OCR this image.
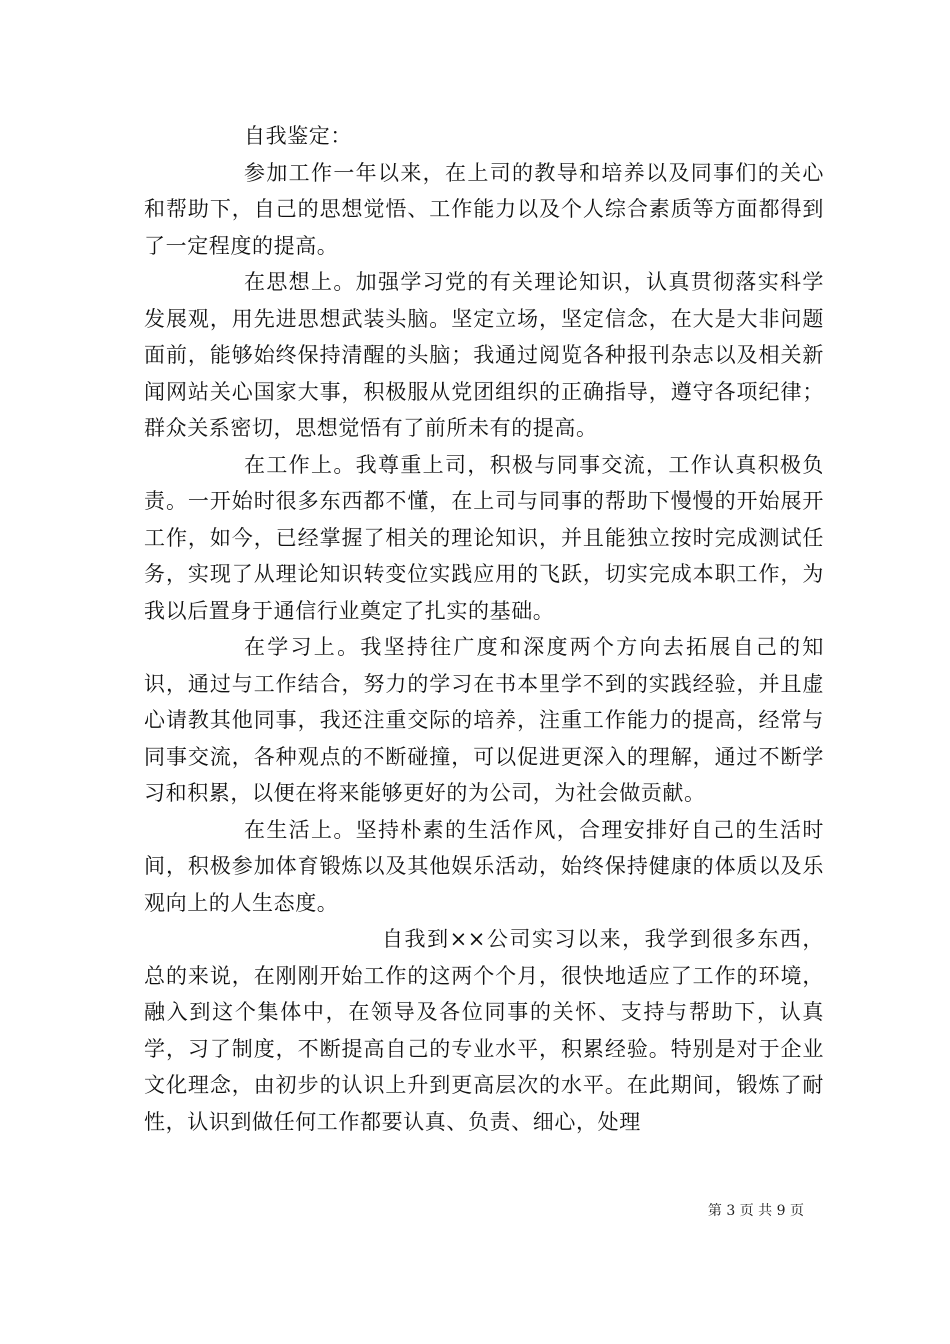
自我鉴定：

参加工作一年以来，在上司的教导和培养以及同事们的关心和帮助下，自己的思想觉悟、工作能力以及个人综合素质等方面都得到了一定程度的提高。

在思想上。加强学习党的有关理论知识，认真贯彻落实科学发展观，用先进思想武装头脑。坚定立场，坚定信念，在大是大非问题面前，能够始终保持清醒的头脑；我通过阅览各种报刊杂志以及相关新闻网站关心国家大事，积极服从党团组织的正确指导，遵守各项纪律；群众关系密切，思想觉悟有了前所未有的提高。

在工作上。我尊重上司，积极与同事交流，工作认真积极负责。一开始时很多东西都不懂，在上司与同事的帮助下慢慢的开始展开工作，如今，已经掌握了相关的理论知识，并且能独立按时完成测试任务，实现了从理论知识转变位实践应用的飞跃，切实完成本职工作，为我以后置身于通信行业奠定了扎实的基础。

在学习上。我坚持往广度和深度两个方向去拓展自己的知识，通过与工作结合，努力的学习在书本里学不到的实践经验，并且虚心请教其他同事，我还注重交际的培养，注重工作能力的提高，经常与同事交流，各种观点的不断碰撞，可以促进更深入的理解，通过不断学习和积累，以便在将来能够更好的为公司，为社会做贡献。

在生活上。坚持朴素的生活作风，合理安排好自己的生活时间，积极参加体育锻炼以及其他娱乐活动，始终保持健康的体质以及乐观向上的人生态度。

自我到××公司实习以来，我学到很多东西，总的来说，在刚刚开始工作的这两个个月，很快地适应了工作的环境，融入到这个集体中，在领导及各位同事的关怀、支持与帮助下，认真学，习了制度，不断提高自己的专业水平，积累经验。特别是对于企业文化理念，由初步的认识上升到更高层次的水平。在此期间，锻炼了耐性，认识到做任何工作都要认真、负责、细心，处理

第 3 页 共 9 页
